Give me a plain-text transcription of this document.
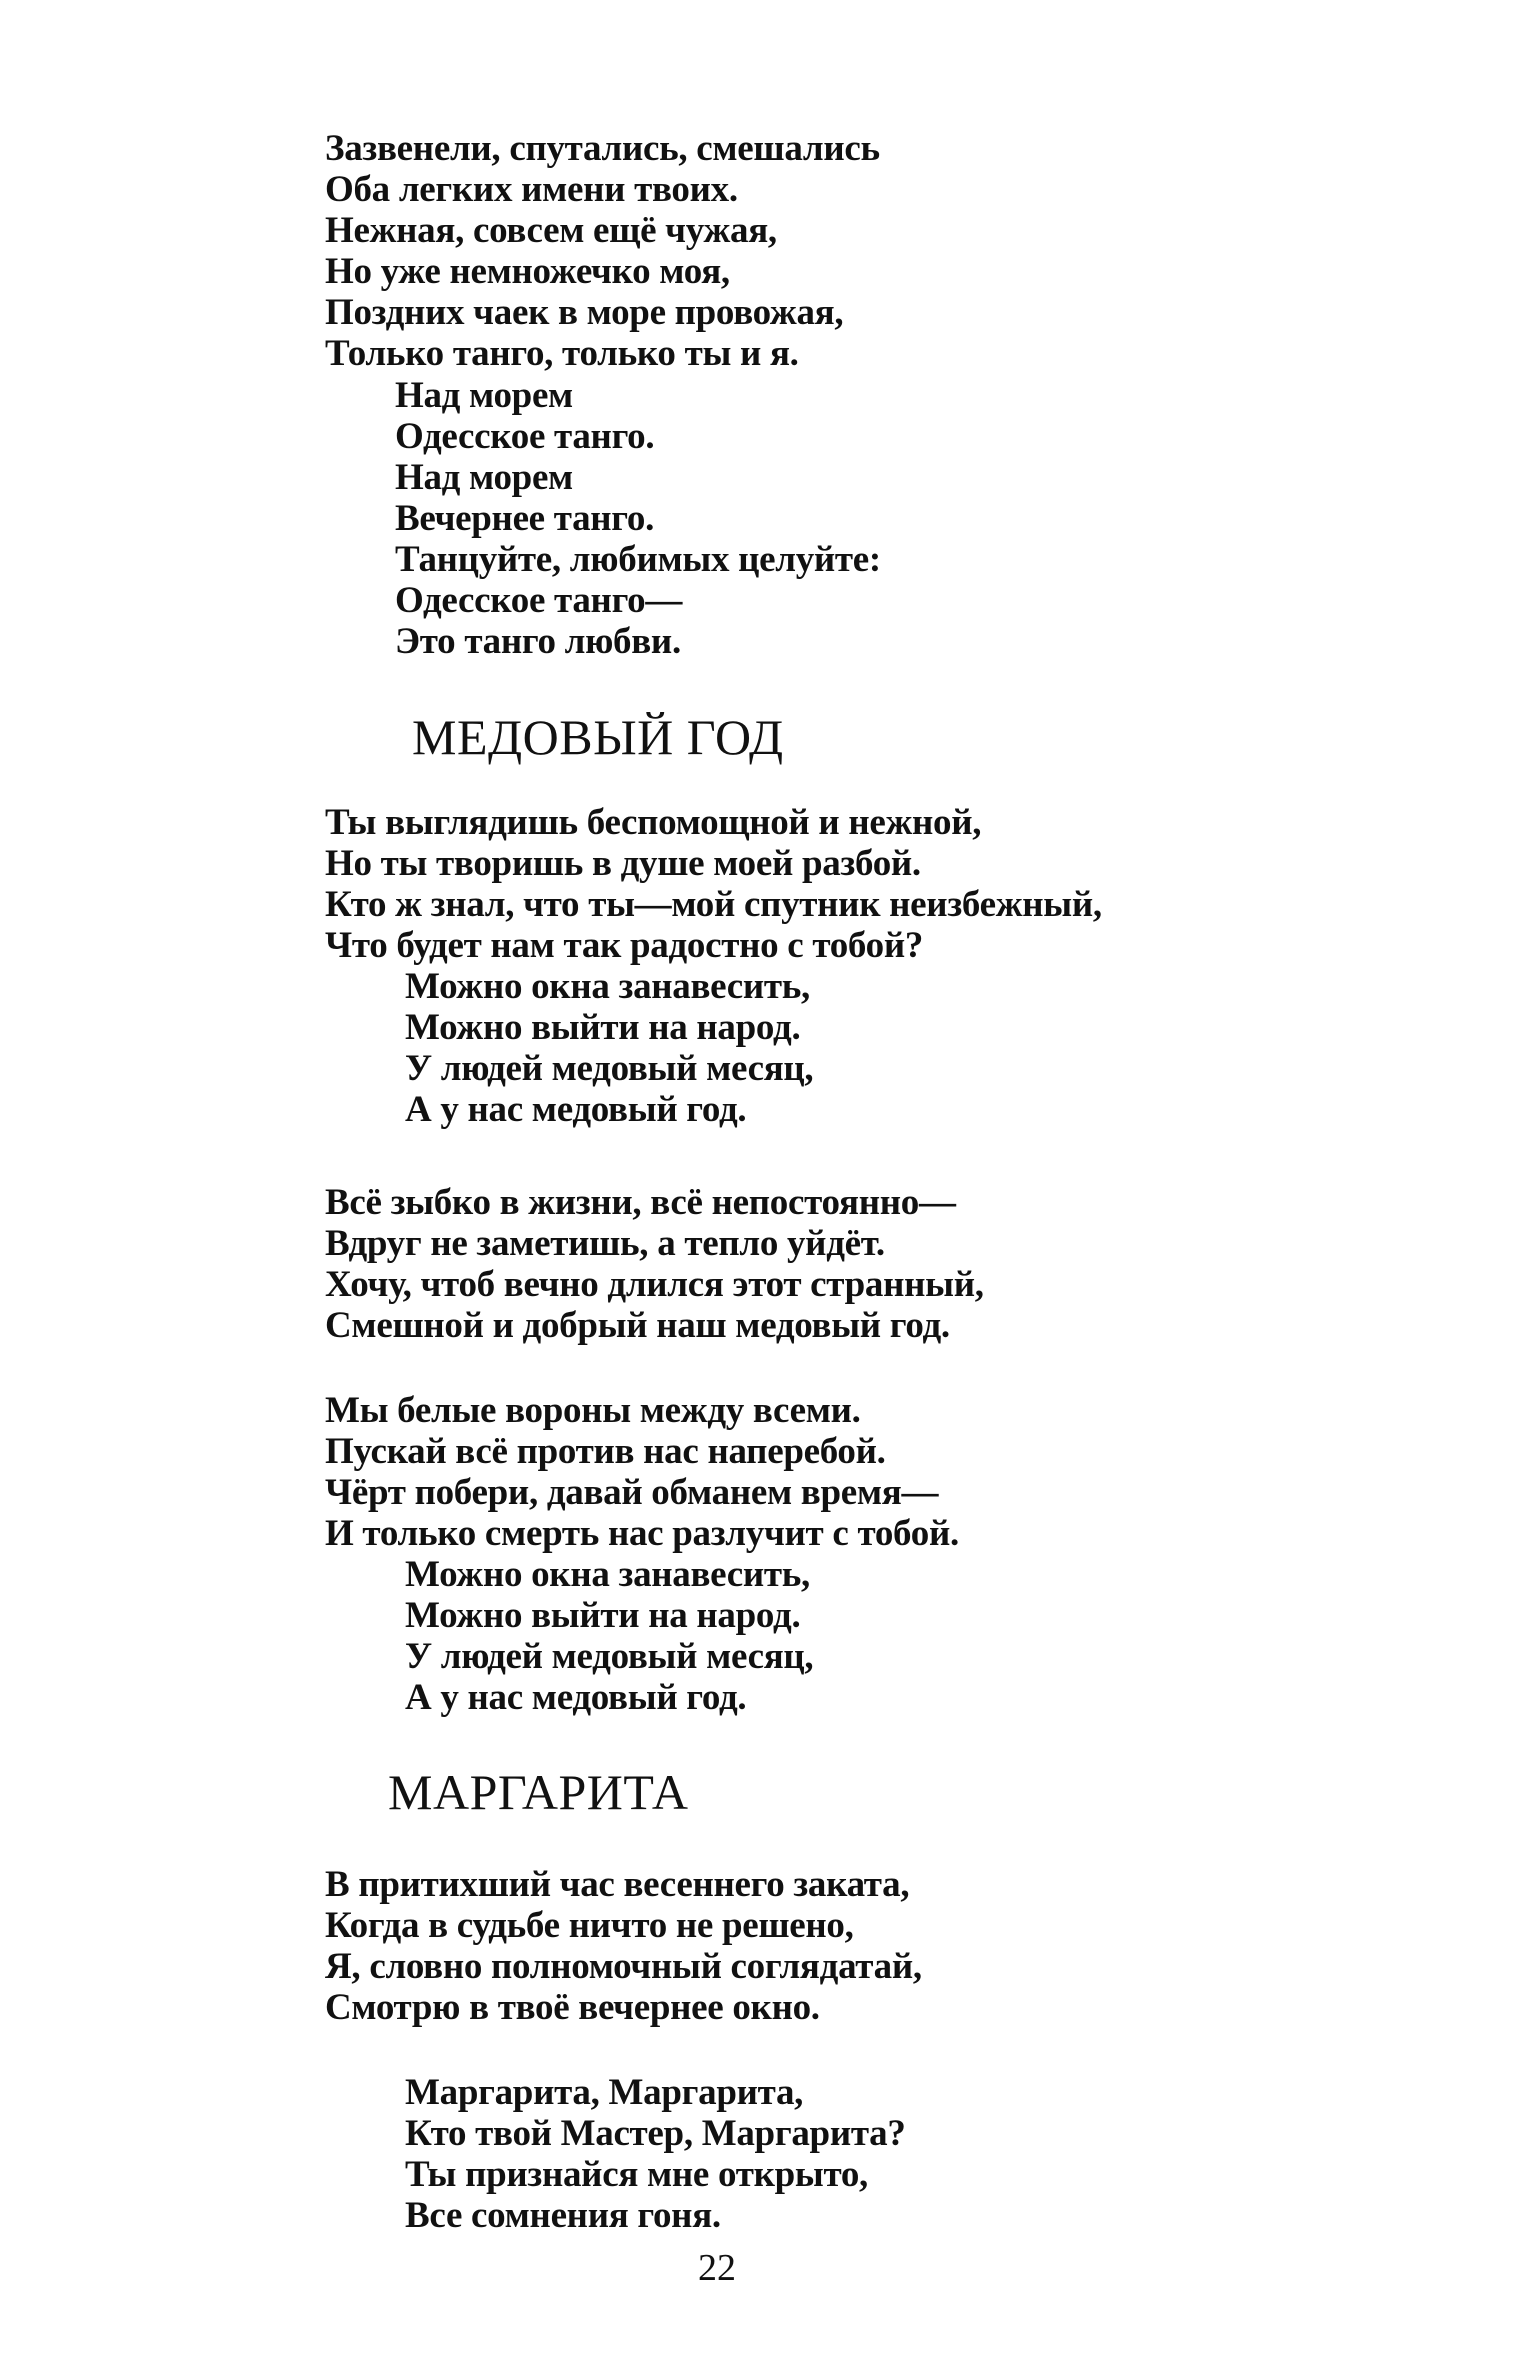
Зазвенели, спутались, смешались
Оба легких имени твоих.
Нежная, совсем ещё чужая,
Но уже немножечко моя,
Поздних чаек в море провожая,
Только танго, только ты и я.
Над морем
Одесское танго.
Над морем
Вечернее танго.
Танцуйте, любимых целуйте:
Одесское танго—
Это танго любви.
МЕДОВЫЙ ГОД
Ты выглядишь беспомощной и нежной,
Но ты творишь в душе моей разбой.
Кто ж знал, что ты—мой спутник неизбежный,
Что будет нам так радостно с тобой?
Можно окна занавесить,
Можно выйти на народ.
У людей медовый месяц,
А у нас медовый год.
Всё зыбко в жизни, всё непостоянно—
Вдруг не заметишь, а тепло уйдёт.
Хочу, чтоб вечно длился этот странный,
Смешной и добрый наш медовый год.
Мы белые вороны между всеми.
Пускай всё против нас наперебой.
Чёрт побери, давай обманем время—
И только смерть нас разлучит с тобой.
Можно окна занавесить,
Можно выйти на народ.
У людей медовый месяц,
А у нас медовый год.
МАРГАРИТА
В притихший час весеннего заката,
Когда в судьбе ничто не решено,
Я, словно полномочный соглядатай,
Смотрю в твоё вечернее окно.
Маргарита, Маргарита,
Кто твой Мастер, Маргарита?
Ты признайся мне открыто,
Все сомнения гоня.
22
